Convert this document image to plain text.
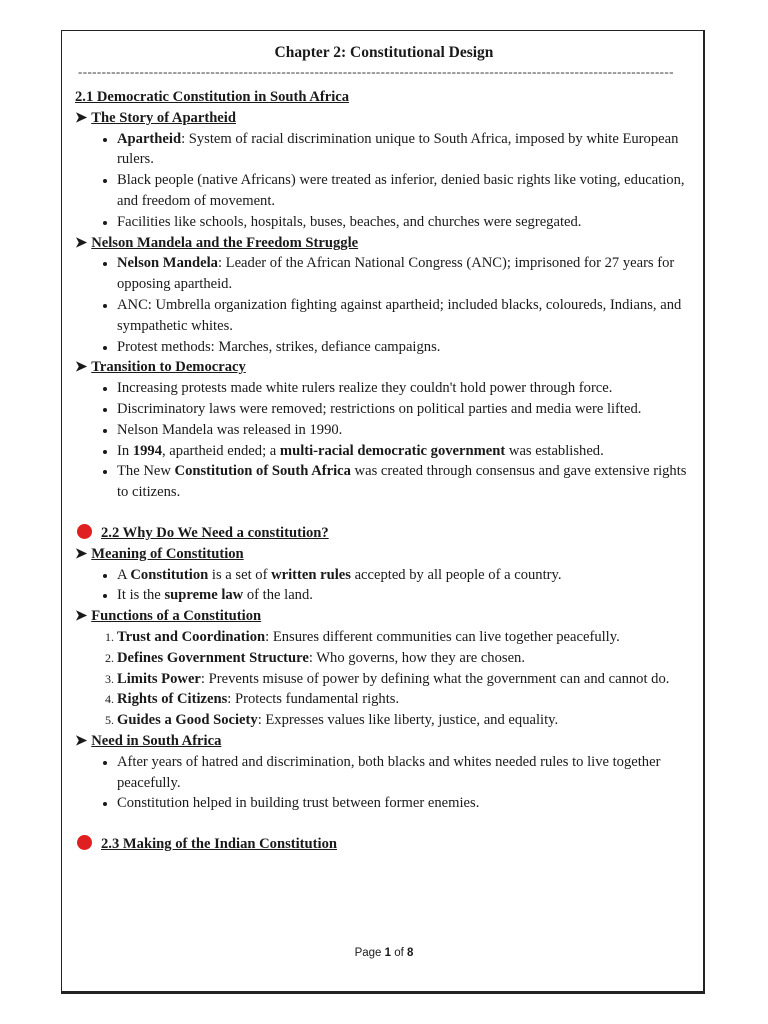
Chapter 2: Constitutional Design
------------------------------------------------------------------------------------------------------------------------------
2.1 Democratic Constitution in South Africa
➤ The Story of Apartheid
• Apartheid: System of racial discrimination unique to South Africa, imposed by white European rulers.
• Black people (native Africans) were treated as inferior, denied basic rights like voting, education, and freedom of movement.
• Facilities like schools, hospitals, buses, beaches, and churches were segregated.
➤ Nelson Mandela and the Freedom Struggle
• Nelson Mandela: Leader of the African National Congress (ANC); imprisoned for 27 years for opposing apartheid.
• ANC: Umbrella organization fighting against apartheid; included blacks, coloureds, Indians, and sympathetic whites.
• Protest methods: Marches, strikes, defiance campaigns.
➤ Transition to Democracy
• Increasing protests made white rulers realize they couldn't hold power through force.
• Discriminatory laws were removed; restrictions on political parties and media were lifted.
• Nelson Mandela was released in 1990.
• In 1994, apartheid ended; a multi-racial democratic government was established.
• The New Constitution of South Africa was created through consensus and gave extensive rights to citizens.
2.2 Why Do We Need a constitution?
➤ Meaning of Constitution
• A Constitution is a set of written rules accepted by all people of a country.
• It is the supreme law of the land.
➤ Functions of a Constitution
1. Trust and Coordination: Ensures different communities can live together peacefully.
2. Defines Government Structure: Who governs, how they are chosen.
3. Limits Power: Prevents misuse of power by defining what the government can and cannot do.
4. Rights of Citizens: Protects fundamental rights.
5. Guides a Good Society: Expresses values like liberty, justice, and equality.
➤ Need in South Africa
• After years of hatred and discrimination, both blacks and whites needed rules to live together peacefully.
• Constitution helped in building trust between former enemies.
2.3 Making of the Indian Constitution
Page 1 of 8
